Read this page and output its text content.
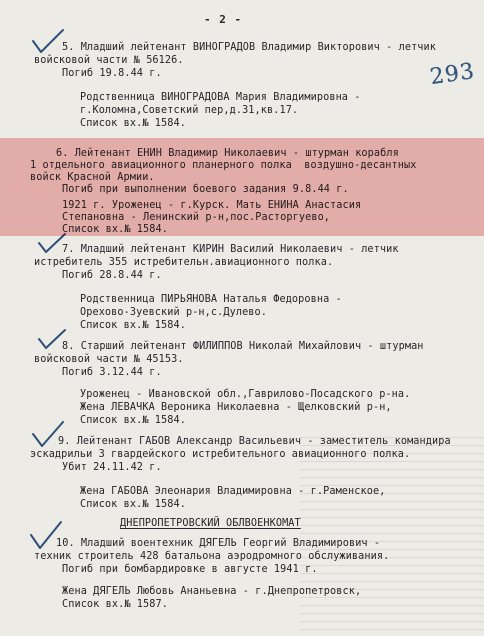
- 2 -
293
5. Младший лейтенант ВИНОГРАДОВ Владимир Викторович - летчик
войсковой части № 56126.
Погиб 19.8.44 г.
Родственница ВИНОГРАДОВА Мария Владимировна -
г.Коломна,Советский пер,д.31,кв.17.
Список вх.№ 1584.
6. Лейтенант ЕНИН Владимир Николаевич - штурман корабля
1 отдельного авиационного планерного полка  воздушно-десантных
войск Красной Армии.
Погиб при выполнении боевого задания 9.8.44 г.
1921 г. Уроженец - г.Курск. Мать ЕНИНА Анастасия
Степановна - Ленинский р-н,пос.Расторгуево,
Список вх.№ 1584.
7. Младший лейтенант КИРИН Василий Николаевич - летчик
истребитель 355 истребительн.авиационного полка.
Погиб 28.8.44 г.
Родственница ПИРЬЯНОВА Наталья Федоровна -
Орехово-Зуевский р-н,с.Дулево.
Список вх.№ 1584.
8. Старший лейтенант ФИЛИППОВ Николай Михайлович - штурман
войсковой части № 45153.
Погиб 3.12.44 г.
Уроженец - Ивановской обл.,Гаврилово-Посадского р-на.
Жена ЛЕВАЧКА Вероника Николаевна - Щелковский р-н,
Список вх.№ 1584.
9. Лейтенант ГАБОВ Александр Васильевич - заместитель командира
эскадрильи 3 гвардейского истребительного авиационного полка.
Убит 24.11.42 г.
Жена ГАБОВА Элеонария Владимировна - г.Раменское,
Список вх.№ 1584.
ДНЕПРОПЕТРОВСКИЙ ОБЛВОЕНКОМАТ
10. Младший воентехник ДЯГЕЛЬ Георгий Владимирович -
техник строитель 428 батальона аэродромного обслуживания.
Погиб при бомбардировке в августе 1941 г.
Жена ДЯГЕЛЬ Любовь Ананьевна - г.Днепропетровск,
Список вх.№ 1587.
